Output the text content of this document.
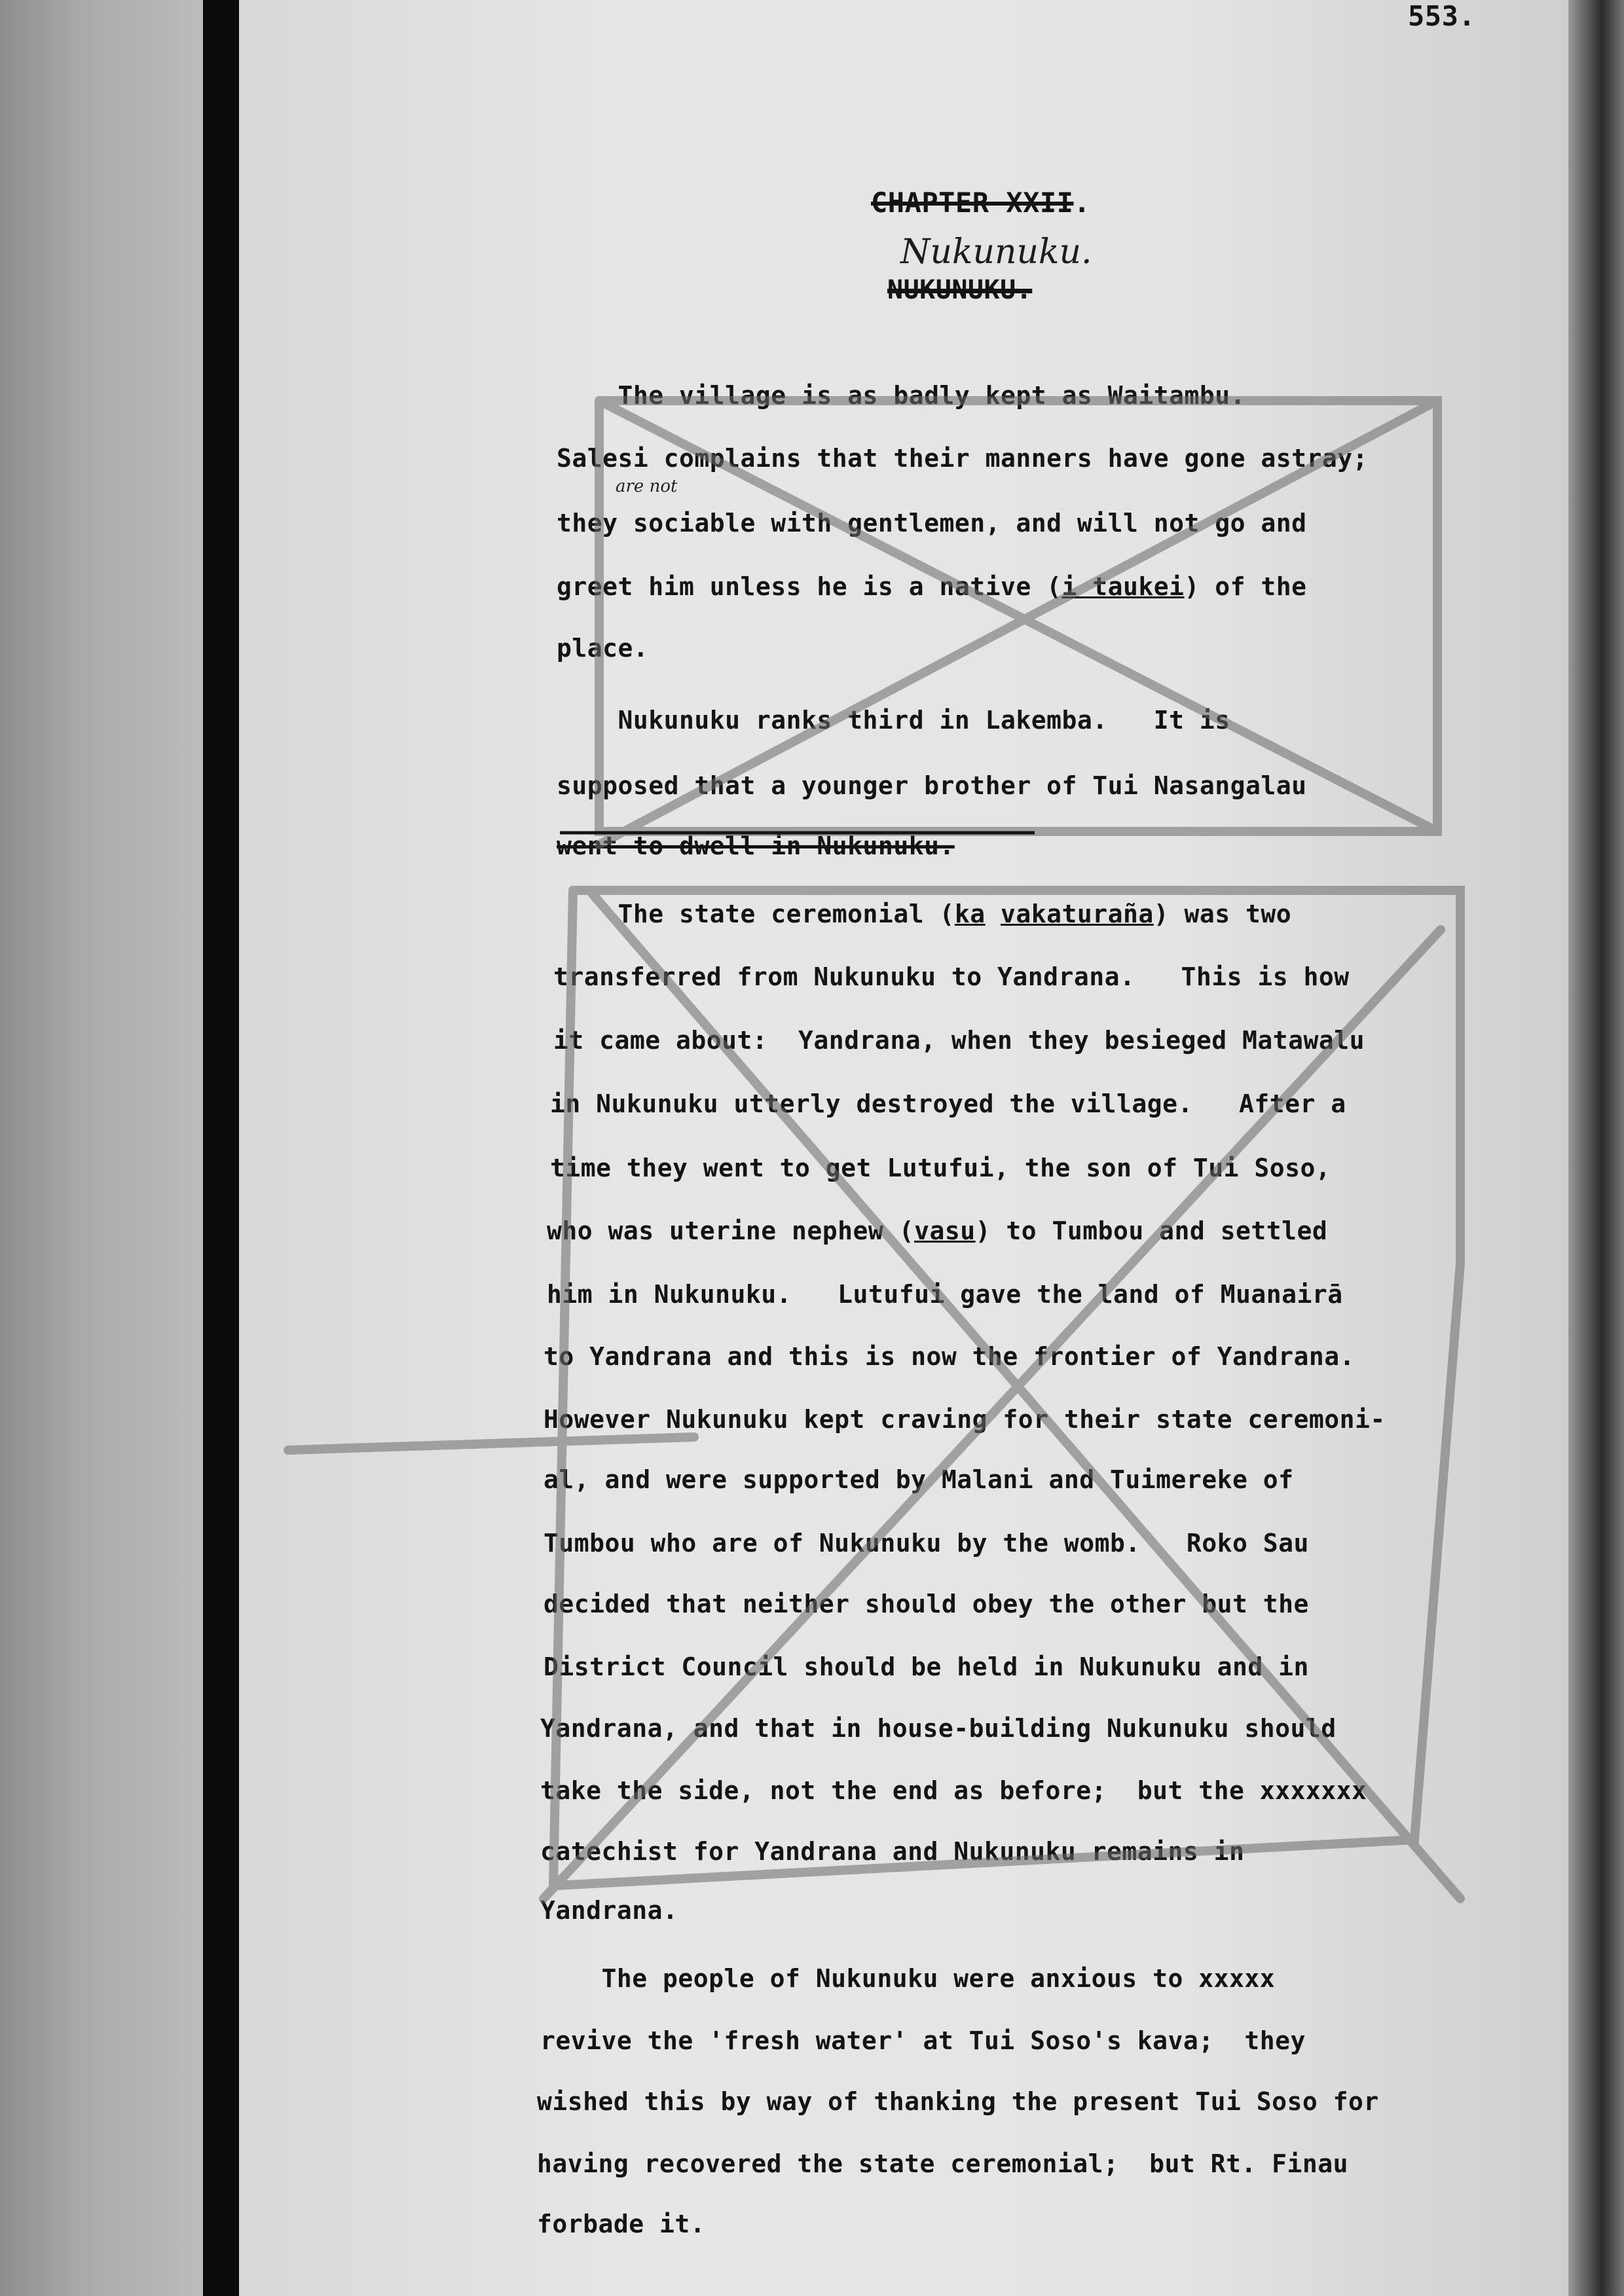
553.
CHAPTER XXII.
Nukunuku.
NUKUNUKU.
are not
The village is as badly kept as Waitambu.
Salesi complains that their manners have gone astray;
they sociable with gentlemen, and will not go and
greet him unless he is a native (i taukei) of the
place.
Nukunuku ranks third in Lakemba.   It is
supposed that a younger brother of Tui Nasangalau
went to dwell in Nukunuku.
The state ceremonial (ka vakaturaña) was two
transferred from Nukunuku to Yandrana.   This is how
it came about:  Yandrana, when they besieged Matawalu
in Nukunuku utterly destroyed the village.   After a
time they went to get Lutufui, the son of Tui Soso,
who was uterine nephew (vasu) to Tumbou and settled
him in Nukunuku.   Lutufui gave the land of Muanairā
to Yandrana and this is now the frontier of Yandrana.
However Nukunuku kept craving for their state ceremoni-
al, and were supported by Malani and Tuimereke of
Tumbou who are of Nukunuku by the womb.   Roko Sau
decided that neither should obey the other but the
District Council should be held in Nukunuku and in
Yandrana, and that in house-building Nukunuku should
take the side, not the end as before;  but the xxxxxxx
catechist for Yandrana and Nukunuku remains in
Yandrana.
The people of Nukunuku were anxious to xxxxx
revive the 'fresh water' at Tui Soso's kava;  they
wished this by way of thanking the present Tui Soso for
having recovered the state ceremonial;  but Rt. Finau
forbade it.
